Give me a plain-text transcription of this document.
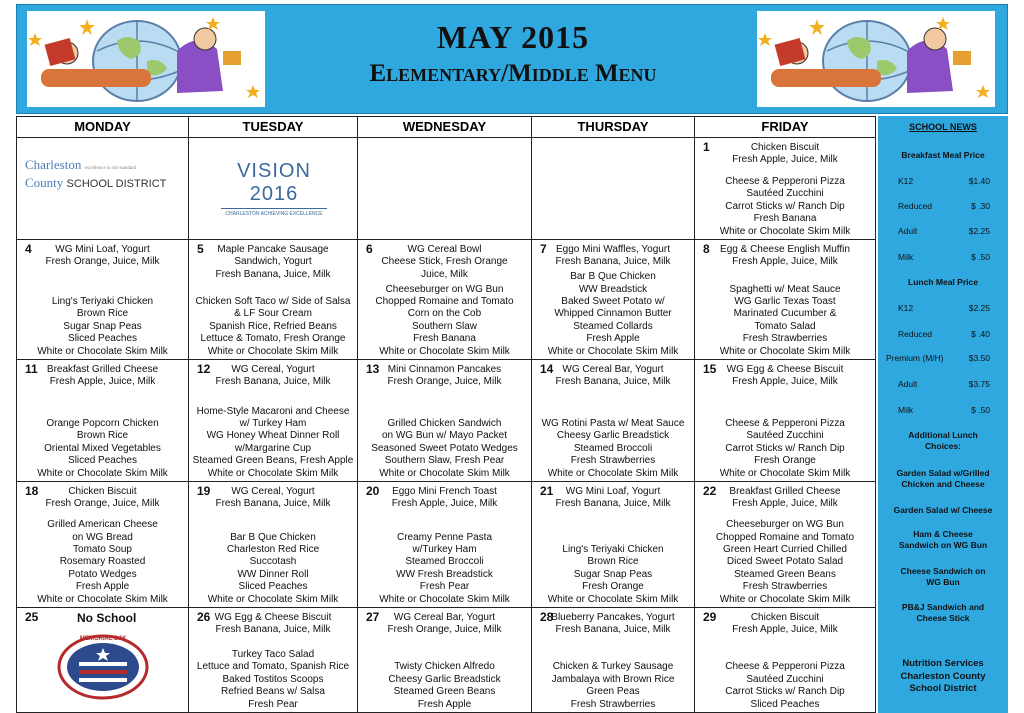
MAY 2015
Elementary/Middle Menu
MONDAY	TUESDAY	WEDNESDAY	THURSDAY	FRIDAY
Charleston excellence is our standard
County SCHOOL DISTRICT
VISION 2016
CHARLESTON ACHIEVING EXCELLENCE
1	Chicken Biscuit
Fresh Apple, Juice, Milk
Cheese & Pepperoni Pizza
Sautéed Zucchini
Carrot Sticks w/ Ranch Dip
Fresh Banana
White or Chocolate Skim Milk
4	WG Mini Loaf, Yogurt
Fresh Orange, Juice, Milk
Ling's Teriyaki Chicken
Brown Rice
Sugar Snap Peas
Sliced Peaches
White or Chocolate Skim Milk
5	Maple Pancake Sausage
Sandwich, Yogurt
Fresh Banana, Juice, Milk
Chicken Soft Taco w/ Side of Salsa
& LF Sour Cream
Spanish Rice, Refried Beans
Lettuce & Tomato, Fresh Orange
White or Chocolate Skim Milk
6	WG Cereal Bowl
Cheese Stick, Fresh Orange
Juice, Milk
Cheeseburger on WG Bun
Chopped Romaine and Tomato
Corn on the Cob
Southern Slaw
Fresh Banana
White or Chocolate Skim Milk
7 Eggo Mini Waffles, Yogurt
Fresh Banana, Juice, Milk
Bar B Que Chicken
WW Breadstick
Baked Sweet Potato w/
Whipped Cinnamon Butter
Steamed Collards
Fresh Apple
White or Chocolate Skim Milk
8	Egg & Cheese English Muffin
Fresh Apple, Juice, Milk
Spaghetti w/ Meat Sauce
WG Garlic Texas Toast
Marinated Cucumber &
Tomato Salad
Fresh Strawberries
White or Chocolate Skim Milk
11 Breakfast Grilled Cheese
Fresh Apple, Juice, Milk
Orange Popcorn Chicken
Brown Rice
Oriental Mixed Vegetables
Sliced Peaches
White or Chocolate Skim Milk
12	WG Cereal, Yogurt
Fresh Banana, Juice, Milk
Home-Style Macaroni and Cheese
w/ Turkey Ham
WG Honey Wheat Dinner Roll
w/Margarine Cup
Steamed Green Beans, Fresh Apple
White or Chocolate Skim Milk
13 Mini Cinnamon Pancakes
Fresh Orange, Juice, Milk
Grilled Chicken Sandwich
on WG Bun w/ Mayo Packet
Seasoned Sweet Potato Wedges
Southern Slaw, Fresh Pear
White or Chocolate Skim Milk
14 WG Cereal Bar, Yogurt
Fresh Banana, Juice, Milk
WG Rotini Pasta w/ Meat Sauce
Cheesy Garlic Breadstick
Steamed Broccoli
Fresh Strawberries
White or Chocolate Skim Milk
15	WG Egg & Cheese Biscuit
Fresh Apple, Juice, Milk
Cheese & Pepperoni Pizza
Sautéed Zucchini
Carrot Sticks w/ Ranch Dip
Fresh Orange
White or Chocolate Skim Milk
18	Chicken Biscuit
Fresh Orange, Juice, Milk
Grilled American Cheese
on WG Bread
Tomato Soup
Rosemary Roasted
Potato Wedges
Fresh Apple
White or Chocolate Skim Milk
19	WG Cereal, Yogurt
Fresh Banana, Juice, Milk
Bar B Que Chicken
Charleston Red Rice
Succotash
WW Dinner Roll
Sliced Peaches
White or Chocolate Skim Milk
20	Eggo Mini French Toast
Fresh Apple, Juice, Milk
Creamy Penne Pasta
w/Turkey Ham
Steamed Broccoli
WW Fresh Breadstick
Fresh Pear
White or Chocolate Skim Milk
21	WG Mini Loaf, Yogurt
Fresh Banana, Juice, Milk
Ling's Teriyaki Chicken
Brown Rice
Sugar Snap Peas
Fresh Orange
White or Chocolate Skim Milk
22	Breakfast Grilled Cheese
Fresh Apple, Juice, Milk
Cheeseburger on WG Bun
Chopped Romaine and Tomato
Green Heart Curried Chilled
Diced Sweet Potato Salad
Steamed Green Beans
Fresh Strawberries
White or Chocolate Skim Milk
25	No School
MEMORIAL DAY
26 WG Egg & Cheese Biscuit
Fresh Banana, Juice, Milk
Turkey Taco Salad
Lettuce and Tomato, Spanish Rice
Baked Tostitos Scoops
Refried Beans w/ Salsa
Fresh Pear
27	WG Cereal Bar, Yogurt
Fresh Orange, Juice, Milk
Twisty Chicken Alfredo
Cheesy Garlic Breadstick
Steamed Green Beans
Fresh Apple
28
Blueberry Pancakes, Yogurt
Fresh Banana, Juice, Milk
Chicken & Turkey Sausage
Jambalaya with Brown Rice
Green Peas
Fresh Strawberries
29	Chicken Biscuit
Fresh Apple, Juice, Milk
Cheese & Pepperoni Pizza
Sautéed Zucchini
Carrot Sticks w/ Ranch Dip
Sliced Peaches
SCHOOL NEWS
Breakfast Meal Price
K12	$1.40
Reduced	$ .30
Adult	$2.25
Milk	$ .50
Lunch Meal Price
K12	$2.25
Reduced	$ .40
Premium (M/H)	$3.50
Adult	$3.75
Milk	$ .50
Additional Lunch
Choices:
Garden Salad w/Grilled
Chicken and Cheese
Garden Salad w/ Cheese
Ham & Cheese
Sandwich on WG Bun
Cheese Sandwich on
WG Bun
PB&J Sandwich and
Cheese Stick
Nutrition Services
Charleston County
School District
